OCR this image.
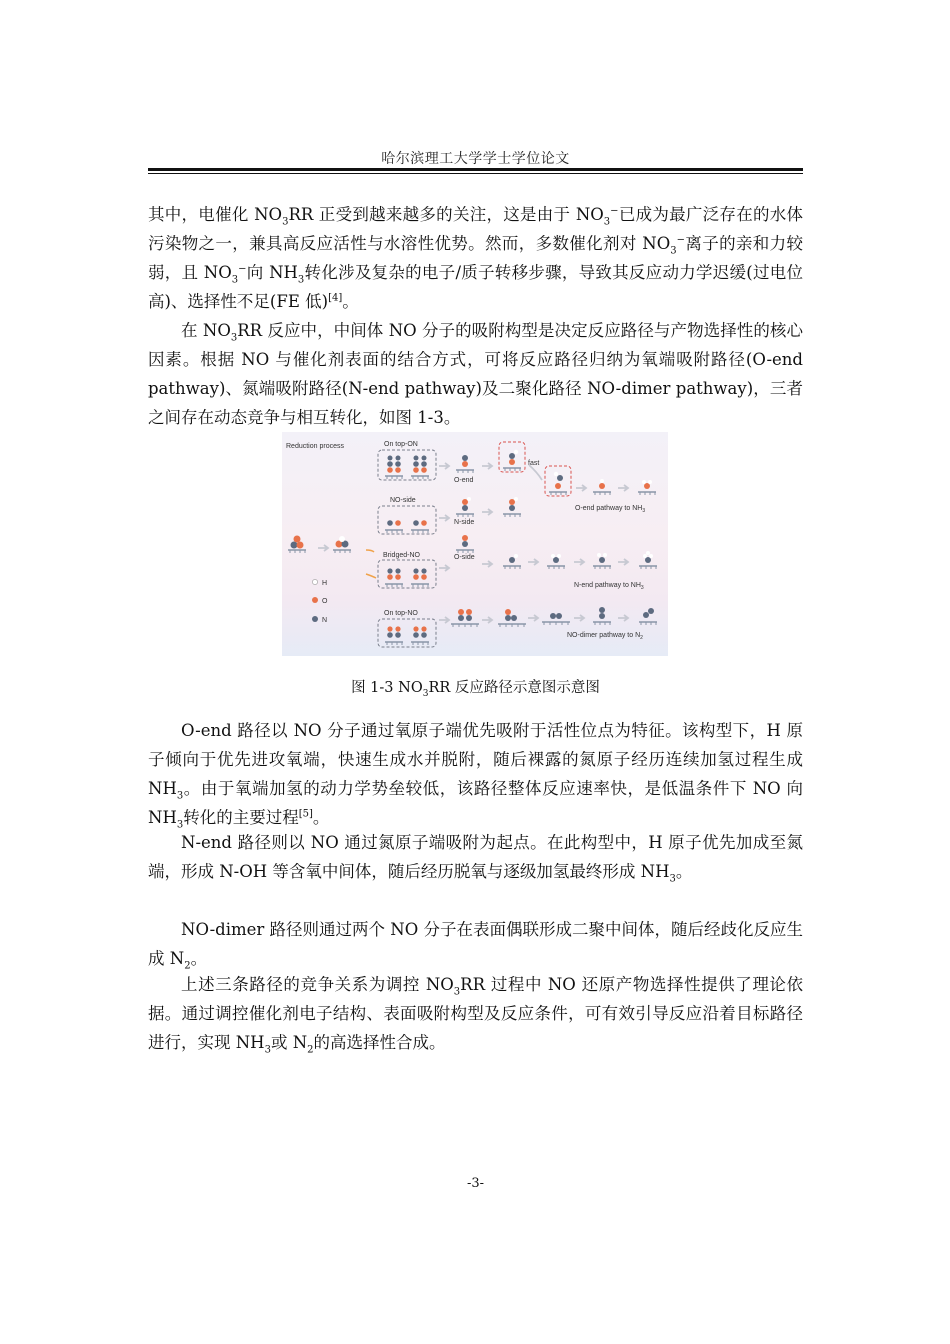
哈尔滨理工大学学士学位论文
其中，电催化 $NO_3RR$ 正受到越来越多的关注，这是由于 $NO_3^-$已成为最广泛存在的水体污染物之一，兼具高反应活性与水溶性优势。然而，多数催化剂对 $NO_3^-$离子的亲和力较弱，且 $NO_3^-$向 $NH_3$转化涉及复杂的电子/质子转移步骤，导致其反应动力学迟缓(过电位高)、选择性不足(FE 低)[4]。
在 $NO_3RR$ 反应中，中间体 NO 分子的吸附构型是决定反应路径与产物选择性的核心因素。根据 NO 与催化剂表面的结合方式，可将反应路径归纳为氧端吸附路径(O-end pathway)、氮端吸附路径(N-end pathway)及二聚化路径 NO-dimer pathway)，三者之间存在动态竞争与相互转化，如图 1-3。
Reduction process	On top-ON
O-end
fast
NO-side
N-side
O-end pathway to $NH_3$
Bridged-NO	O-side
N-end pathway to $NH_3$
On top-NO
NO-dimer pathway to $N_2$
H
O
N
图 1-3 $NO_3RR$ 反应路径示意图示意图
O-end 路径以 NO 分子通过氧原子端优先吸附于活性位点为特征。该构型下，H 原子倾向于优先进攻氧端，快速生成水并脱附，随后裸露的氮原子经历连续加氢过程生成 $NH_3$。由于氧端加氢的动力学势垒较低，该路径整体反应速率快，是低温条件下 NO 向 $NH_3$转化的主要过程[5]。
N-end 路径则以 NO 通过氮原子端吸附为起点。在此构型中，H 原子优先加成至氮端，形成 N-OH 等含氧中间体，随后经历脱氧与逐级加氢最终形成 $NH_3$。
NO-dimer 路径则通过两个 NO 分子在表面偶联形成二聚中间体，随后经歧化反应生成 $N_2$。
上述三条路径的竞争关系为调控 $NO_3RR$ 过程中 NO 还原产物选择性提供了理论依据。通过调控催化剂电子结构、表面吸附构型及反应条件，可有效引导反应沿着目标路径进行，实现 $NH_3$或 $N_2$的高选择性合成。
-3-
